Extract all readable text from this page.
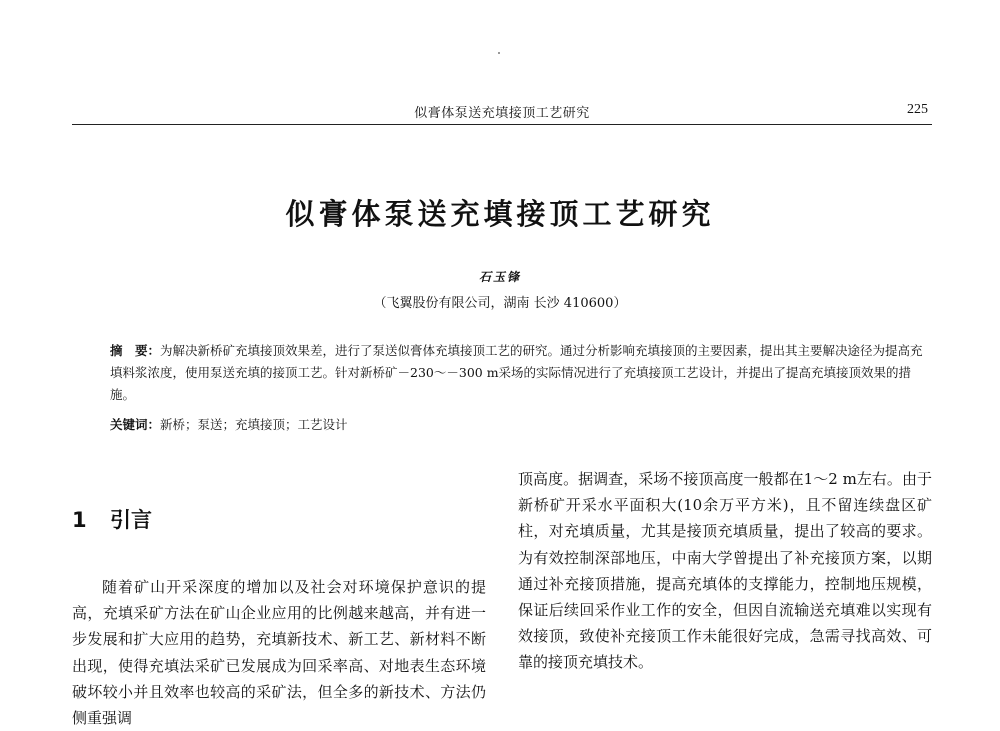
似膏体泵送充填接顶工艺研究	225
似膏体泵送充填接顶工艺研究
石玉锋
（飞翼股份有限公司，湖南 长沙 410600）
摘　要：为解决新桥矿充填接顶效果差，进行了泵送似膏体充填接顶工艺的研究。通过分析影响充填接顶的主要因素，提出其主要解决途径为提高充填料浆浓度，使用泵送充填的接顶工艺。针对新桥矿－230～－300 m采场的实际情况进行了充填接顶工艺设计，并提出了提高充填接顶效果的措施。
关键词：新桥；泵送；充填接顶；工艺设计
1 引言
随着矿山开采深度的增加以及社会对环境保护意识的提高，充填采矿方法在矿山企业应用的比例越来越高，并有进一步发展和扩大应用的趋势，充填新技术、新工艺、新材料不断出现，使得充填法采矿已发展成为回采率高、对地表生态环境破坏较小并且效率也较高的采矿法，但全多的新技术、方法仍侧重强调
顶高度。据调查，采场不接顶高度一般都在1～2 m左右。由于新桥矿开采水平面积大(10余万平方米)，且不留连续盘区矿柱，对充填质量，尤其是接顶充填质量，提出了较高的要求。为有效控制深部地压，中南大学曾提出了补充接顶方案，以期通过补充接顶措施，提高充填体的支撑能力，控制地压规模，保证后续回采作业工作的安全，但因自流输送充填难以实现有效接顶，致使补充接顶工作未能很好完成，急需寻找高效、可靠的接顶充填技术。
